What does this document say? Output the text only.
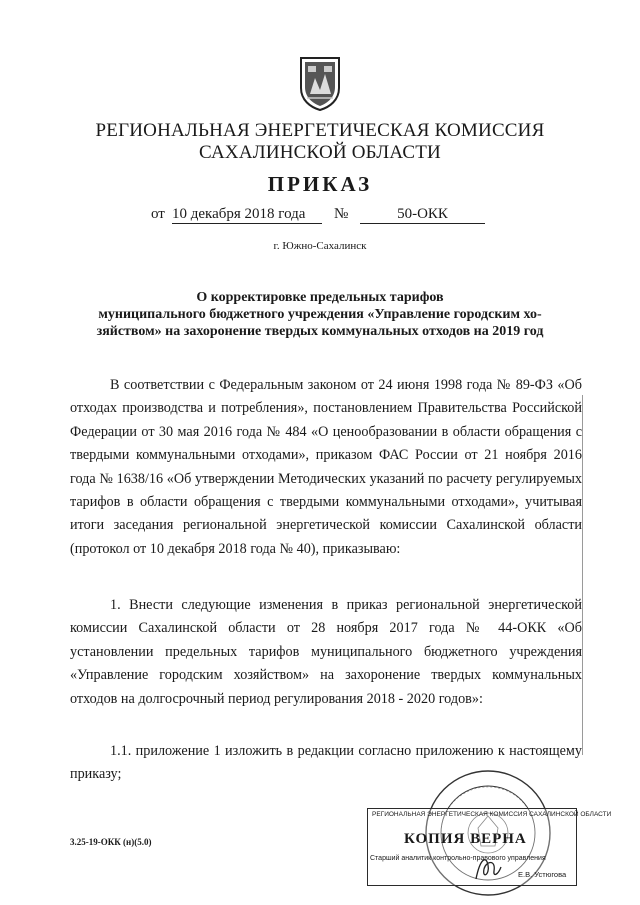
РЕГИОНАЛЬНАЯ ЭНЕРГЕТИЧЕСКАЯ КОМИССИЯ
САХАЛИНСКОЙ ОБЛАСТИ
ПРИКАЗ
от 10 декабря 2018 года	№	50-ОКК
г. Южно-Сахалинск
О корректировке предельных тарифов
муниципального бюджетного учреждения «Управление городским хо-
зяйством» на захоронение твердых коммунальных отходов на 2019 год

В соответствии с Федеральным законом от 24 июня 1998 года № 89-ФЗ «Об отходах производства и потребления», постановлением Правительства Российской Федерации от 30 мая 2016 года № 484 «О ценообразовании в области обращения с твердыми коммунальными отходами», приказом ФАС России от 21 ноября 2016 года № 1638/16 «Об утверждении Методических указаний по расчету регулируемых тарифов в области обращения с твердыми коммунальными отходами», учитывая итоги заседания региональной энергетической комиссии Сахалинской области (протокол от 10 декабря 2018 года № 40), приказываю:

1. Внести следующие изменения в приказ региональной энергетической комиссии Сахалинской области от 28 ноября 2017 года № 44-ОКК «Об установлении предельных тарифов муниципального бюджетного учреждения «Управление городским хозяйством» на захоронение твердых коммунальных отходов на долгосрочный период регулирования 2018 - 2020 годов»:

1.1. приложение 1 изложить в редакции согласно приложению к настоящему приказу;

3.25-19-ОКК (н)(5.0)
РЕГИОНАЛЬНАЯ ЭНЕРГЕТИЧЕСКАЯ КОМИССИЯ САХАЛИНСКОЙ ОБЛАСТИ
КОПИЯ ВЕРНА
Старший аналитик контрольно-правового управления
Е.В. Устюгова
